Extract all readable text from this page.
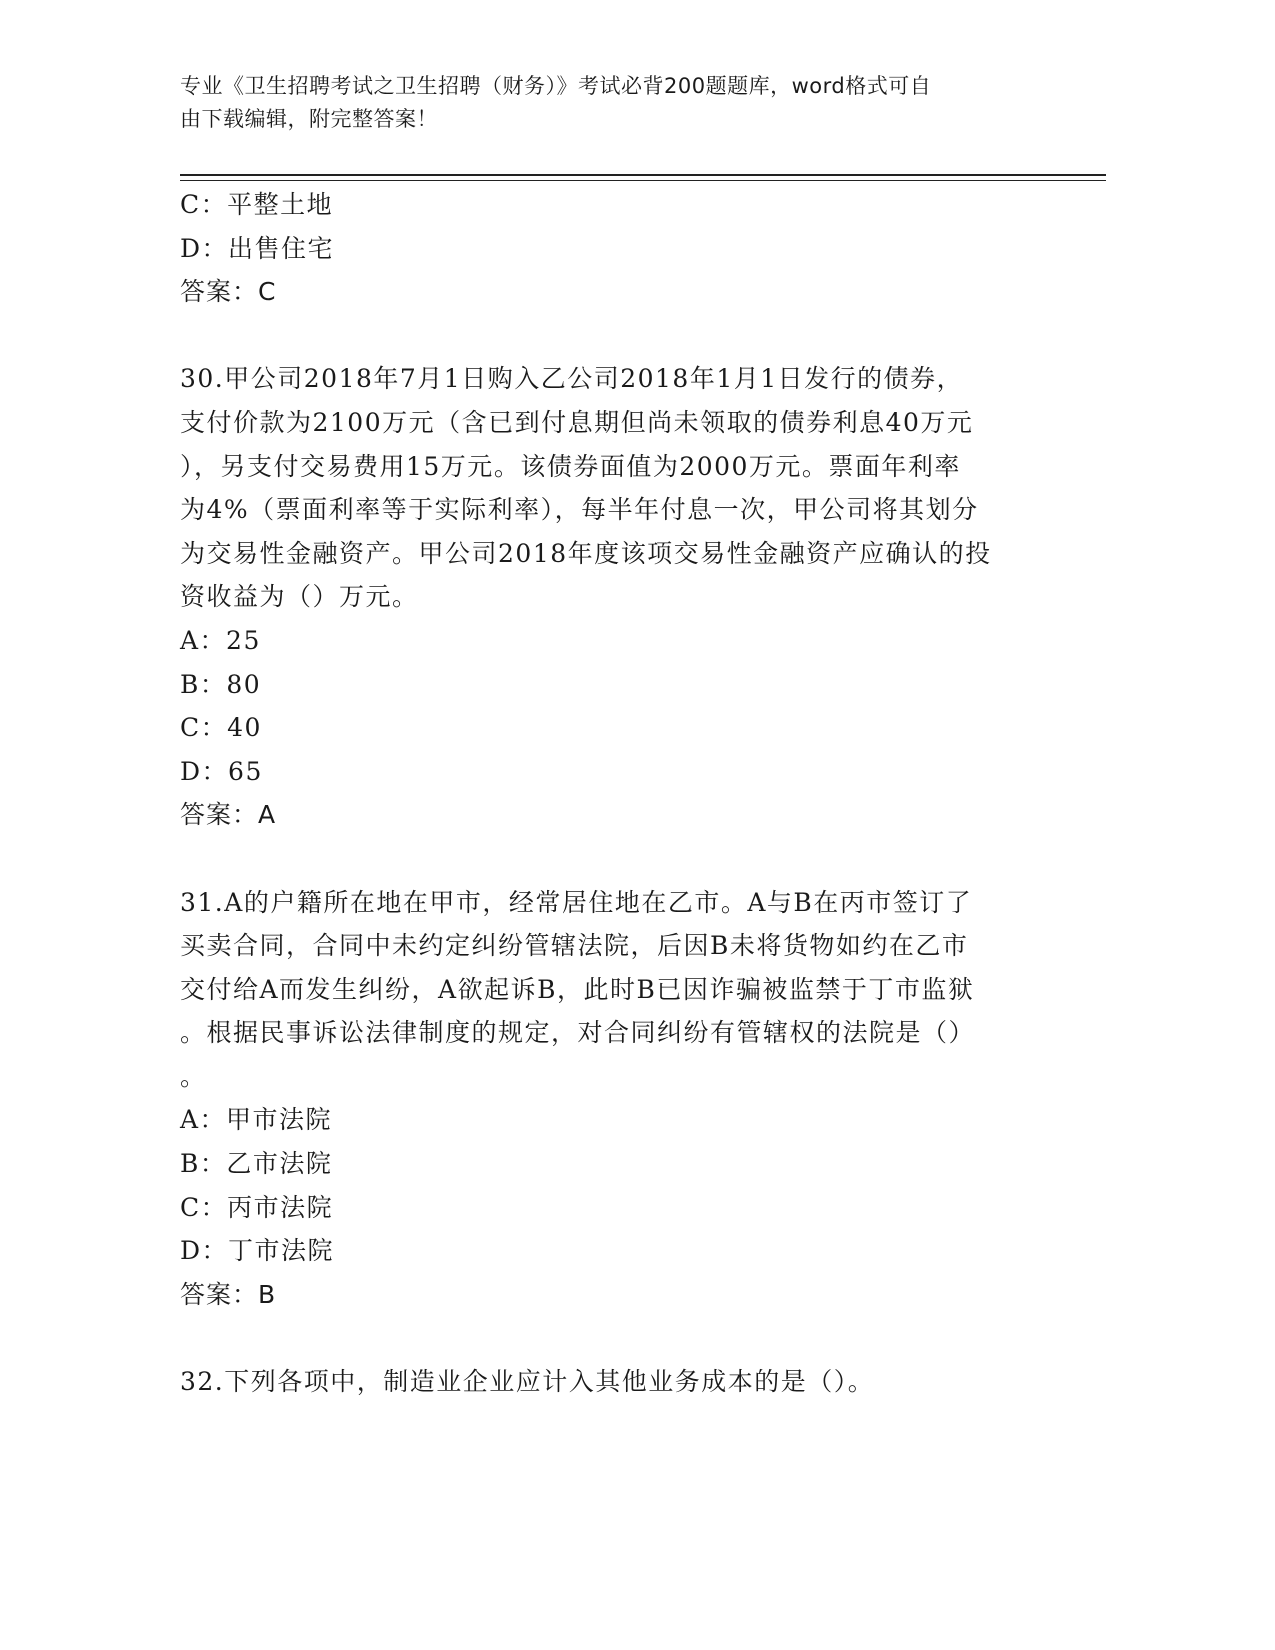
专业《卫生招聘考试之卫生招聘（财务）》考试必背200题题库，word格式可自
由下载编辑，附完整答案！
C：平整土地
D：出售住宅
答案：C
30.甲公司2018年7月1日购入乙公司2018年1月1日发行的债券，
支付价款为2100万元（含已到付息期但尚未领取的债券利息40万元
），另支付交易费用15万元。该债券面值为2000万元。票面年利率
为4%（票面利率等于实际利率），每半年付息一次，甲公司将其划分
为交易性金融资产。甲公司2018年度该项交易性金融资产应确认的投
资收益为（）万元。
A：25
B：80
C：40
D：65
答案：A
31.A的户籍所在地在甲市，经常居住地在乙市。A与B在丙市签订了
买卖合同，合同中未约定纠纷管辖法院，后因B未将货物如约在乙市
交付给A而发生纠纷，A欲起诉B，此时B已因诈骗被监禁于丁市监狱
。根据民事诉讼法律制度的规定，对合同纠纷有管辖权的法院是（）
。
A：甲市法院
B：乙市法院
C：丙市法院
D：丁市法院
答案：B
32.下列各项中，制造业企业应计入其他业务成本的是（）。
